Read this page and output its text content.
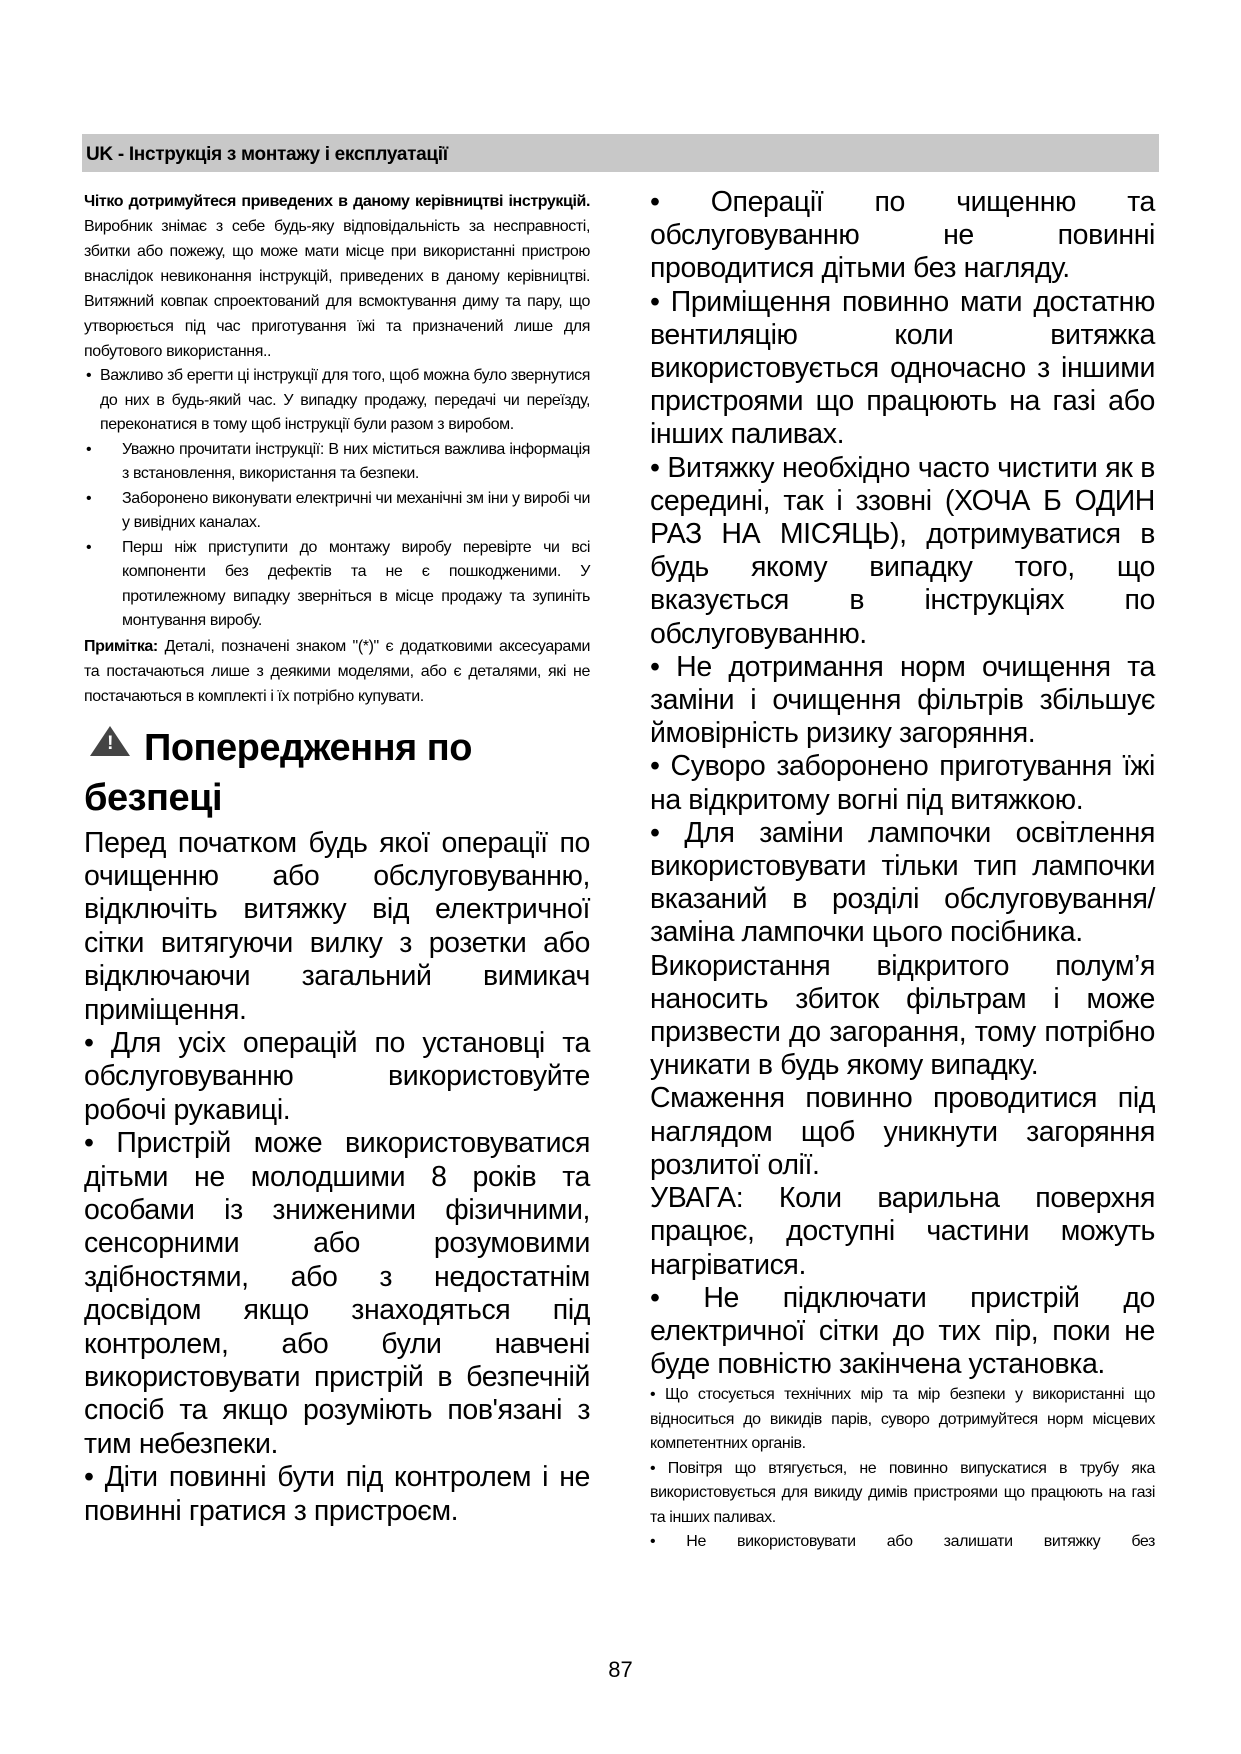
UK - Інструкція з монтажу і експлуатації

Чітко дотримуйтеся приведених в даному керівництві інструкцій. Виробник знімає з себе будь-яку відповідальність за несправності, збитки або пожежу, що може мати місце при використанні пристрою внаслідок невиконання інструкцій, приведених в даному керівництві. Витяжний ковпак спроектований для всмоктування диму та пару, що утворюється під час приготування їжі та призначений лише для побутового використання..

• Важливо зб ерегти ці інструкції для того, щоб можна було звернутися до них в будь-який час. У випадку продажу, передачі чи переїзду, переконатися в тому щоб інструкції були разом з виробом.
• Уважно прочитати інструкції: В них міститься важлива інформація з встановлення, використання та безпеки.
• Заборонено виконувати електричні чи механічні зм іни у виробі чи у вивідних каналах.
• Перш ніж приступити до монтажу виробу перевірте чи всі компоненти без дефектів та не є пошкодженими. У протилежному випадку зверніться в місце продажу та зупиніть монтування виробу.

Примітка: Деталі, позначені знаком "(*)" є додатковими аксесуарами та постачаються лише з деякими моделями, або є деталями, які не постачаються в комплекті і їх потрібно купувати.

! Попередження по
безпеці

Перед початком будь якої операції по очищенню або обслуговуванню, відключіть витяжку від електричної сітки витягуючи вилку з розетки або відключаючи загальний вимикач приміщення.

• Для усіх операцій по установці та обслуговуванню використовуйте робочі рукавиці.

• Пристрій може використовуватися дітьми не молодшими 8 років та особами із зниженими фізичними, сенсорними або розумовими здібностями, або з недостатнім досвідом якщо знаходяться під контролем, або були навчені використовувати пристрій в безпечній спосіб та якщо розуміють пов'язані з тим небезпеки.

• Діти повинні бути під контролем і не повинні гратися з пристроєм.

• Операції по чищенню та обслуговуванню не повинні проводитися дітьми без нагляду.

• Приміщення повинно мати достатню вентиляцію коли витяжка використовується одночасно з іншими пристроями що працюють на газі або інших паливах.

• Витяжку необхідно часто чистити як в середині, так і ззовні (ХОЧА Б ОДИН РАЗ НА МІСЯЦЬ), дотримуватися в будь якому випадку того, що вказується в інструкціях по обслуговуванню.

• Не дотримання норм очищення та заміни і очищення фільтрів збільшує ймовірність ризику загоряння.

• Суворо заборонено приготування їжі на відкритому вогні під витяжкою.

• Для заміни лампочки освітлення використовувати тільки тип лампочки вказаний в розділі обслуговування/заміна лампочки цього посібника.

Використання відкритого полум’я наносить збиток фільтрам і може призвести до загорання, тому потрібно уникати в будь якому випадку.

Смаження повинно проводитися під наглядом щоб уникнути загоряння розлитої олії.

УВАГА: Коли варильна поверхня працює, доступні частини можуть нагріватися.

• Не підключати пристрій до електричної сітки до тих пір, поки не буде повністю закінчена установка.

• Що стосується технічних мір та мір безпеки у використанні що відноситься до викидів парів, суворо дотримуйтеся норм місцевих компетентних органів.

• Повітря що втягується, не повинно випускатися в трубу яка використовується для викиду димів пристроями що працюють на газі та інших паливах.

• Не використовувати або залишати витяжку без

87
